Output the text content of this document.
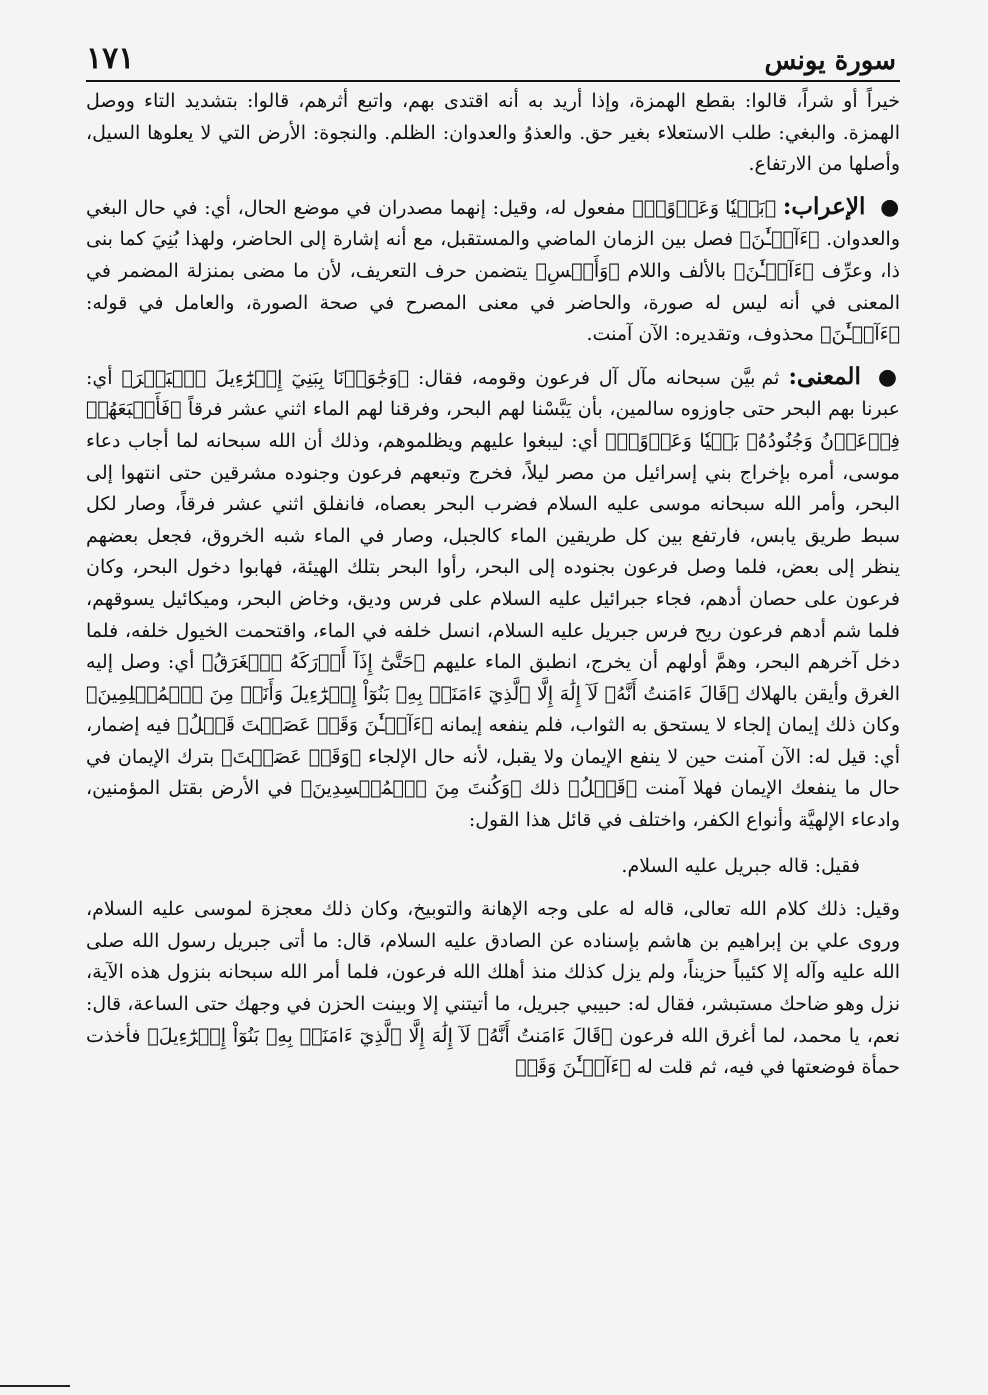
سورة يونس
١٧١

خيراً أو شراً، قالوا: بقطع الهمزة، وإذا أريد به أنه اقتدى بهم، واتبع أثرهم، قالوا: بتشديد التاء ووصل الهمزة. والبغي: طلب الاستعلاء بغير حق. والعذوُ والعدوان: الظلم. والنجوة: الأرض التي لا يعلوها السيل، وأصلها من الارتفاع.

● الإعراب: ﴿بَغۡيٗا وَعَدۡوًاۚ﴾ مفعول له، وقيل: إنهما مصدران في موضع الحال، أي: في حال البغي والعدوان. ﴿ءَآلۡـَٰٔنَ﴾ فصل بين الزمان الماضي والمستقبل، مع أنه إشارة إلى الحاضر، ولهذا بُنِيَ كما بنى ذا، وعرِّف ﴿ءَآلۡـَٰٔنَ﴾ بالألف واللام ﴿وَأَمۡسِ﴾ يتضمن حرف التعريف، لأن ما مضى بمنزلة المضمر في المعنى في أنه ليس له صورة، والحاضر في معنى المصرح في صحة الصورة، والعامل في قوله: ﴿ءَآلۡـَٰٔنَ﴾ محذوف، وتقديره: الآن آمنت.

● المعنى: ثم بيَّن سبحانه مآل آل فرعون وقومه، فقال: ﴿وَجَٰوَزۡنَا بِبَنِيٓ إِسۡرَٰٓءِيلَ ٱلۡبَحۡرَ﴾ أي: عبرنا بهم البحر حتى جاوزوه سالمين، بأن يَبَّسْنا لهم البحر، وفرقنا لهم الماء اثني عشر فرقاً ﴿فَأَتۡبَعَهُمۡ فِرۡعَوۡنُ وَجُنُودُهُۥ بَغۡيٗا وَعَدۡوًاۖ﴾ أي: ليبغوا عليهم ويظلموهم، وذلك أن الله سبحانه لما أجاب دعاء موسى، أمره بإخراج بني إسرائيل من مصر ليلاً، فخرج وتبعهم فرعون وجنوده مشرقين حتى انتهوا إلى البحر، وأمر الله سبحانه موسى عليه السلام فضرب البحر بعصاه، فانفلق اثني عشر فرقاً، وصار لكل سبط طريق يابس، فارتفع بين كل طريقين الماء كالجبل، وصار في الماء شبه الخروق، فجعل بعضهم ينظر إلى بعض، فلما وصل فرعون بجنوده إلى البحر، رأوا البحر بتلك الهيئة، فهابوا دخول البحر، وكان فرعون على حصان أدهم، فجاء جبرائيل عليه السلام على فرس وديق، وخاض البحر، وميكائيل يسوقهم، فلما شم أدهم فرعون ريح فرس جبريل عليه السلام، انسل خلفه في الماء، واقتحمت الخيول خلفه، فلما دخل آخرهم البحر، وهمَّ أولهم أن يخرج، انطبق الماء عليهم ﴿حَتَّىٰٓ إِذَآ أَدۡرَكَهُ ٱلۡغَرَقُ﴾ أي: وصل إليه الغرق وأيقن بالهلاك ﴿قَالَ ءَامَنتُ أَنَّهُۥ لَآ إِلَٰهَ إِلَّا ٱلَّذِيٓ ءَامَنَتۡ بِهِۦ بَنُوٓاْ إِسۡرَٰٓءِيلَ وَأَنَا۠ مِنَ ٱلۡمُسۡلِمِينَ﴾ وكان ذلك إيمان إلجاء لا يستحق به الثواب، فلم ينفعه إيمانه ﴿ءَآلۡـَٰٔنَ وَقَدۡ عَصَيۡتَ قَبۡلُ﴾ فيه إضمار، أي: قيل له: الآن آمنت حين لا ينفع الإيمان ولا يقبل، لأنه حال الإلجاء ﴿وَقَدۡ عَصَيۡتَ﴾ بترك الإيمان في حال ما ينفعك الإيمان فهلا آمنت ﴿قَبۡلُ﴾ ذلك ﴿وَكُنتَ مِنَ ٱلۡمُفۡسِدِينَ﴾ في الأرض بقتل المؤمنين، وادعاء الإلهيَّة وأنواع الكفر، واختلف في قائل هذا القول:

فقيل: قاله جبريل عليه السلام.

وقيل: ذلك كلام الله تعالى، قاله له على وجه الإهانة والتوبيخ، وكان ذلك معجزة لموسى عليه السلام، وروى علي بن إبراهيم بن هاشم بإسناده عن الصادق عليه السلام، قال: ما أتى جبريل رسول الله صلى الله عليه وآله إلا كئيباً حزيناً، ولم يزل كذلك منذ أهلك الله فرعون، فلما أمر الله سبحانه بنزول هذه الآية، نزل وهو ضاحك مستبشر، فقال له: حبيبي جبريل، ما أتيتني إلا وبينت الحزن في وجهك حتى الساعة، قال: نعم، يا محمد، لما أغرق الله فرعون ﴿قَالَ ءَامَنتُ أَنَّهُۥ لَآ إِلَٰهَ إِلَّا ٱلَّذِيٓ ءَامَنَتۡ بِهِۦ بَنُوٓاْ إِسۡرَٰٓءِيلَ﴾ فأخذت حمأة فوضعتها في فيه، ثم قلت له ﴿ءَآلۡـَٰٔنَ وَقَدۡ
